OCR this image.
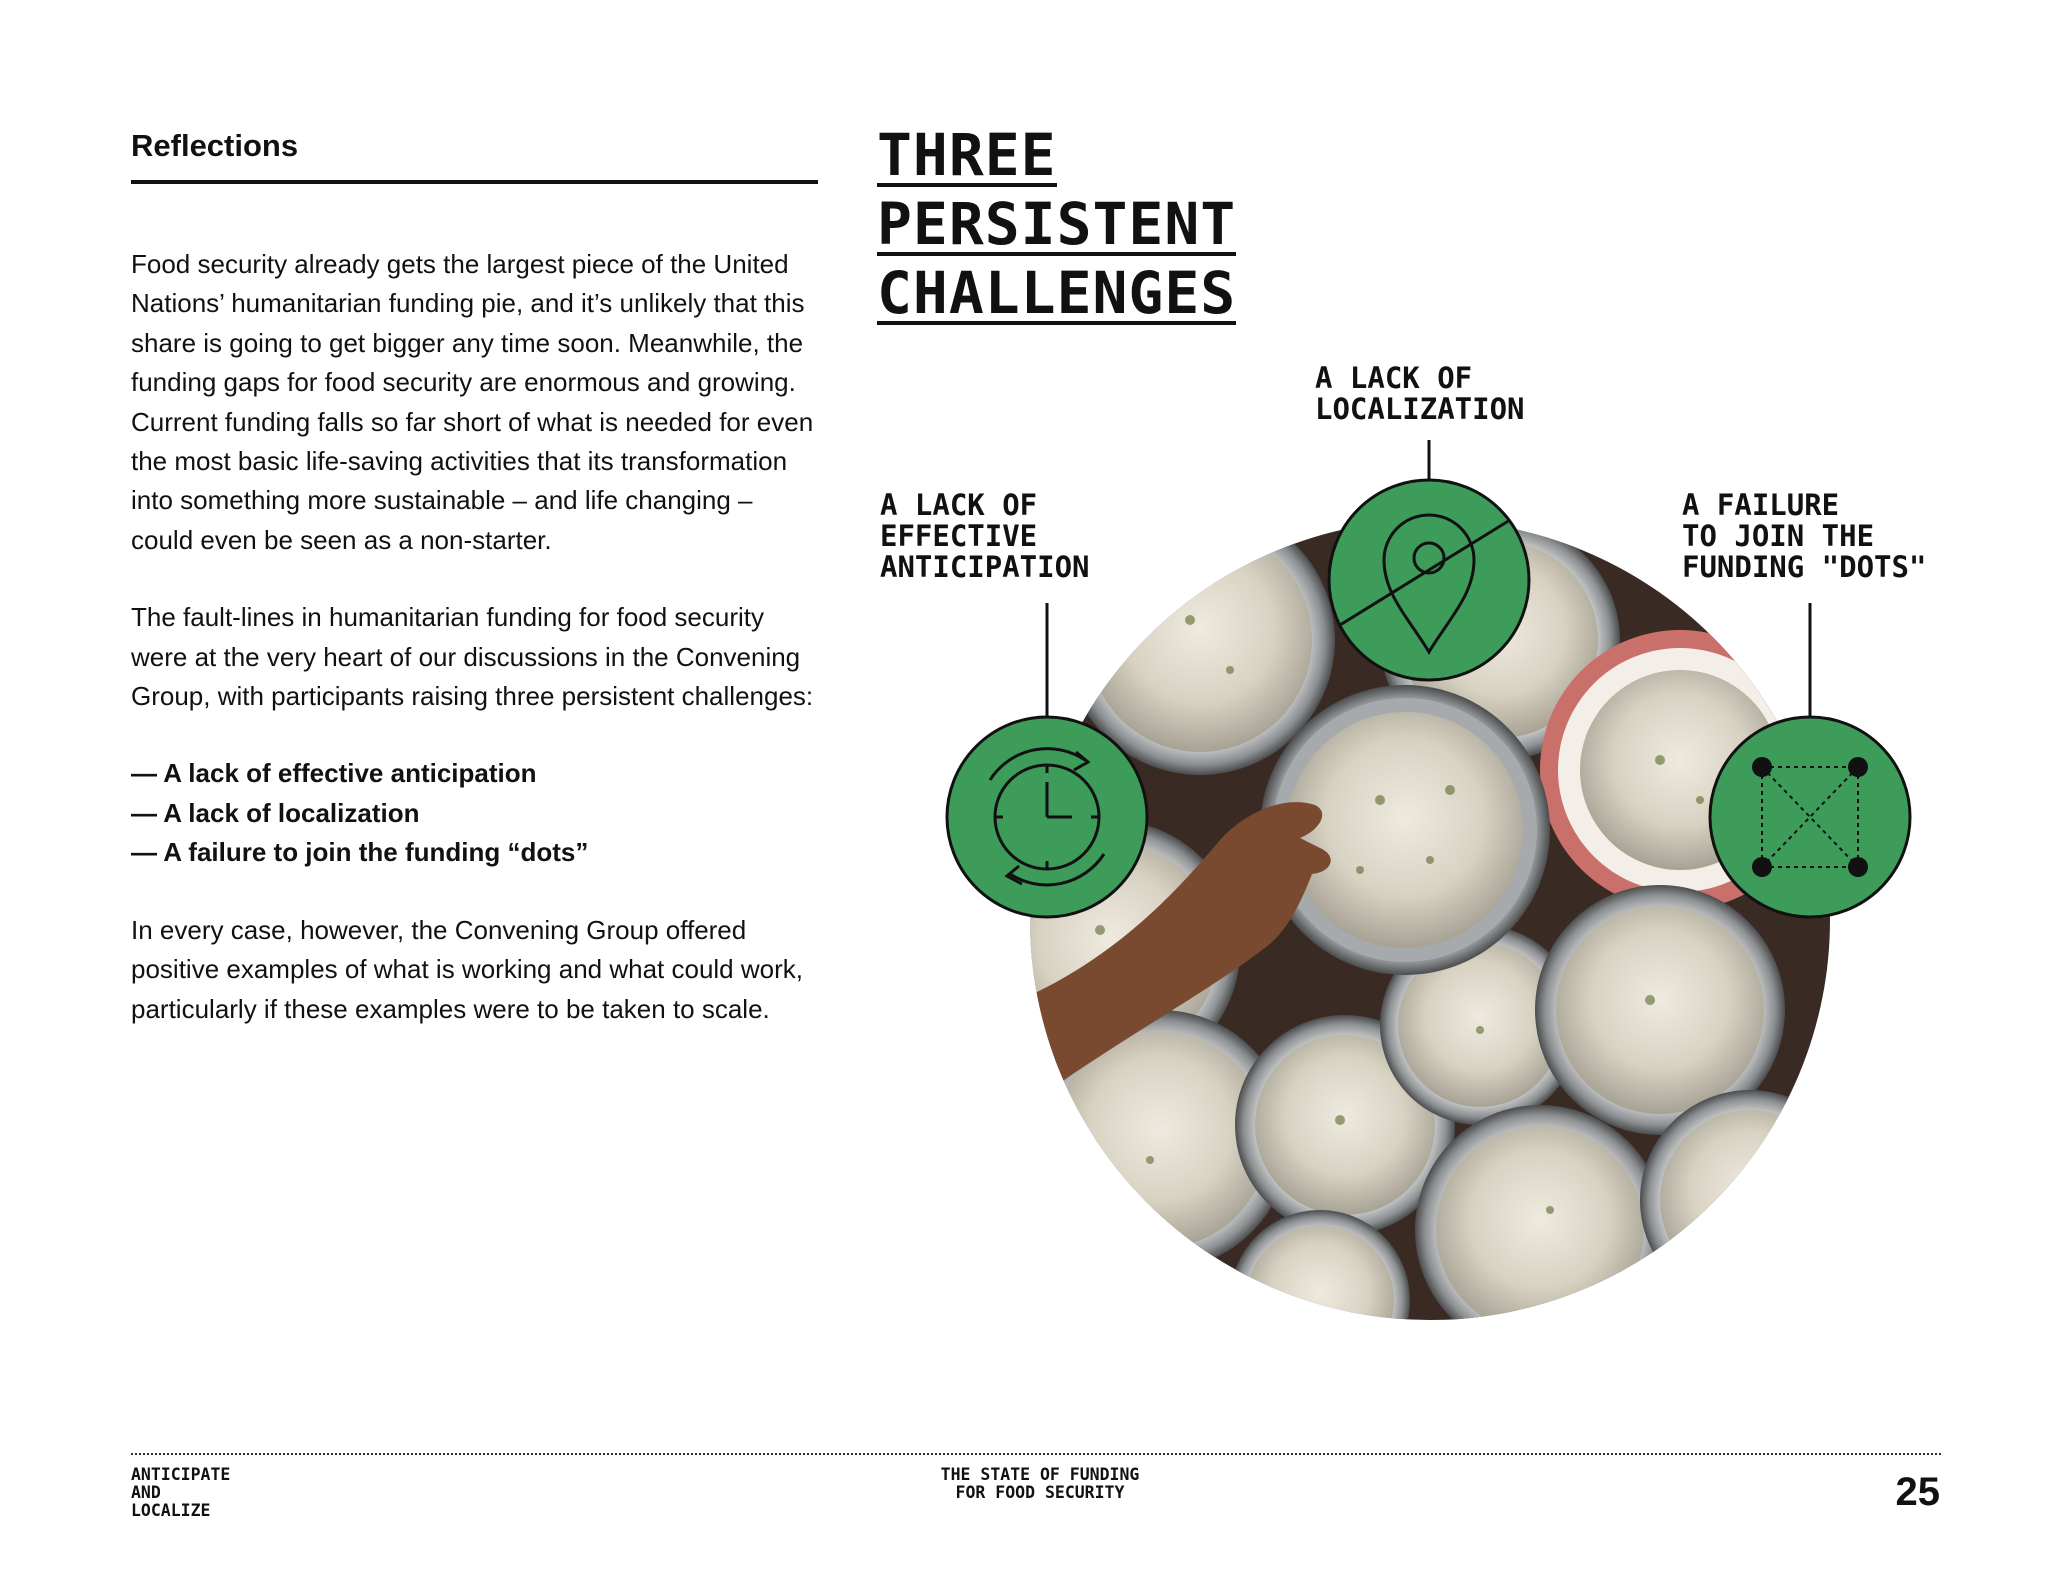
Reflections

Food security already gets the largest piece of the United Nations’ humanitarian funding pie, and it’s unlikely that this share is going to get bigger any time soon. Meanwhile, the funding gaps for food security are enormous and growing. Current funding falls so far short of what is needed for even the most basic life-saving activities that its transformation into something more sustainable – and life changing – could even be seen as a non-starter.

The fault-lines in humanitarian funding for food security were at the very heart of our discussions in the Convening Group, with participants raising three persistent challenges:

— A lack of effective anticipation
— A lack of localization
— A failure to join the funding “dots”

In every case, however, the Convening Group offered positive examples of what is working and what could work, particularly if these examples were to be taken to scale.

THREE
PERSISTENT
CHALLENGES
A LACK OF
EFFECTIVE
ANTICIPATION
A LACK OF
LOCALIZATION
A FAILURE
TO JOIN THE
FUNDING "DOTS"
ANTICIPATE
AND
LOCALIZE
THE STATE OF FUNDING
FOR FOOD SECURITY	25
